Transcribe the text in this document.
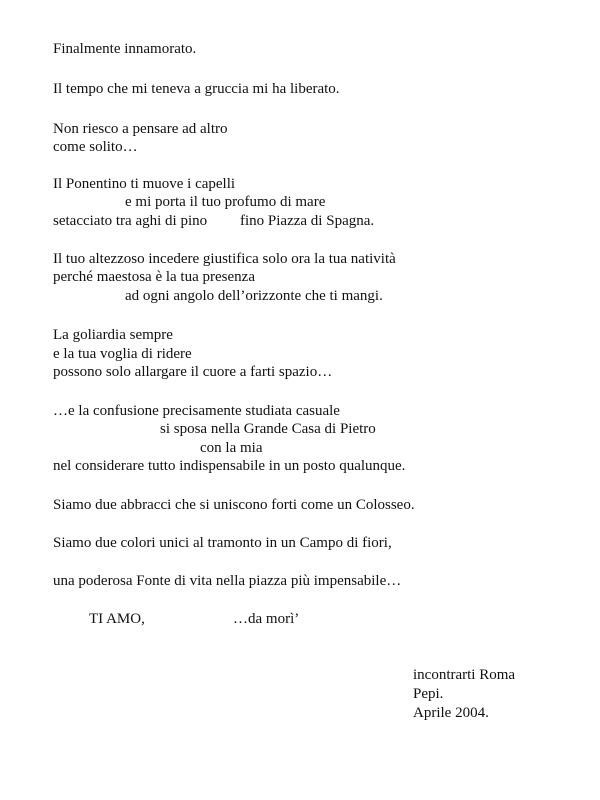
Finalmente innamorato.

Il tempo che mi teneva a gruccia mi ha liberato.

Non riesco a pensare ad altro

come solito…

Il Ponentino ti muove i capelli

e mi porta il tuo profumo di mare

setacciato tra aghi di pino fino Piazza di Spagna.

Il tuo altezzoso incedere giustifica solo ora la tua natività

perché maestosa è la tua presenza

ad ogni angolo dell’orizzonte che ti mangi.

La goliardia sempre

e la tua voglia di ridere

possono solo allargare il cuore a farti spazio…

…e la confusione precisamente studiata casuale

si sposa nella Grande Casa di Pietro

con la mia

nel considerare tutto indispensabile in un posto qualunque.

Siamo due abbracci che si uniscono forti come un Colosseo.

Siamo due colori unici al tramonto in un Campo di fiori,

una poderosa Fonte di vita nella piazza più impensabile…

TI AMO,	…da morì’

incontrarti Roma

Pepi.

Aprile 2004.
